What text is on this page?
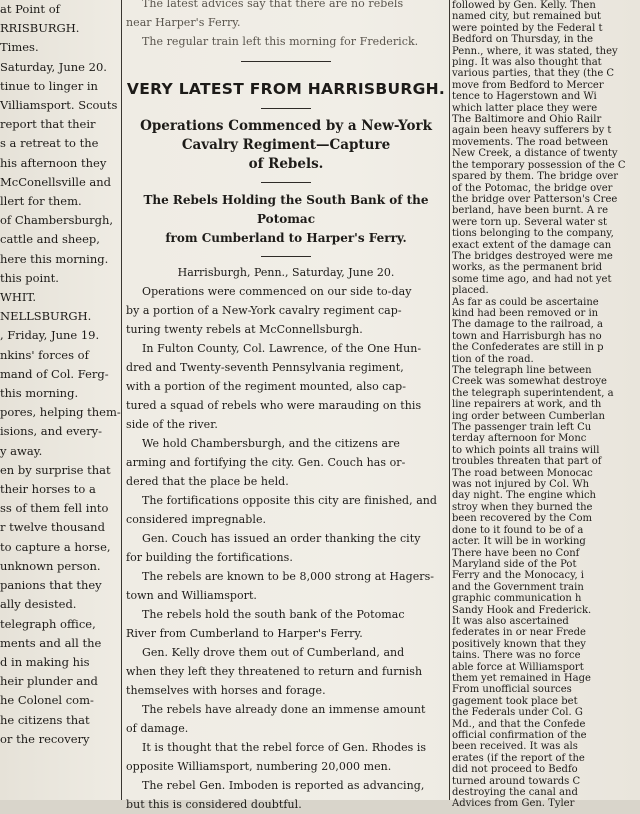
at Point of
RRISBURGH.
Times.
Saturday, June 20.
tinue to linger in
Villiamsport. Scouts
report that their
s a retreat to the
his afternoon they
McConellsville and
llert for them.
of Chambersburgh,
cattle and sheep,
here this morning.
this point.
WHIT.
NELLSBURGH.
, Friday, June 19.
nkins' forces of
mand of Col. Ferg-
this morning.
pores, helping them-
isions, and every-
y away.
en by surprise that
their horses to a
ss of them fell into
r twelve thousand
to capture a horse,
unknown person.
panions that they
ally desisted.
telegraph office,
ments and all the
d in making his
heir plunder and
he Colonel com-
he citizens that
or the recovery
The latest advices say that there are no rebels
near Harper's Ferry.
The regular train left this morning for Frederick.
VERY LATEST FROM HARRISBURGH.
Operations Commenced by a New-York
Cavalry Regiment—Capture
of Rebels.
The Rebels Holding the South Bank of the Potomac
from Cumberland to Harper's Ferry.
Harrisburgh, Penn., Saturday, June 20.
Operations were commenced on our side to-day
by a portion of a New-York cavalry regiment cap-
turing twenty rebels at McConnellsburgh.
In Fulton County, Col. Lawrence, of the One Hun-
dred and Twenty-seventh Pennsylvania regiment,
with a portion of the regiment mounted, also cap-
tured a squad of rebels who were marauding on this
side of the river.
We hold Chambersburgh, and the citizens are
arming and fortifying the city. Gen. Couch has or-
dered that the place be held.
The fortifications opposite this city are finished, and
considered impregnable.
Gen. Couch has issued an order thanking the city
for building the fortifications.
The rebels are known to be 8,000 strong at Hagers-
town and Williamsport.
The rebels hold the south bank of the Potomac
River from Cumberland to Harper's Ferry.
Gen. Kelly drove them out of Cumberland, and
when they left they threatened to return and furnish
themselves with horses and forage.
The rebels have already done an immense amount
of damage.
It is thought that the rebel force of Gen. Rhodes is
opposite Williamsport, numbering 20,000 men.
The rebel Gen. Imboden is reported as advancing,
but this is considered doubtful.
followed by Gen. Kelly. Then
named city, but remained but
were pointed by the Federal t
Bedford on Thursday, in the
Penn., where, it was stated, they
ping. It was also thought that
various parties, that they (the C
move from Bedford to Mercer
tence to Hagerstown and Wi
which latter place they were
The Baltimore and Ohio Railr
again been heavy sufferers by t
movements. The road between
New Creek, a distance of twenty
the temporary possession of the C
spared by them. The bridge over
of the Potomac, the bridge over
the bridge over Patterson's Cree
berland, have been burnt. A re
were torn up. Several water st
tions belonging to the company,
exact extent of the damage can
The bridges destroyed were me
works, as the permanent brid
some time ago, and had not yet
placed.
As far as could be ascertaine
kind had been removed or in
The damage to the railroad, a
town and Harrisburgh has no
the Confederates are still in p
tion of the road.
The telegraph line between
Creek was somewhat destroye
the telegraph superintendent, a
line repairers at work, and th
ing order between Cumberlan
The passenger train left Cu
terday afternoon for Monc
to which points all trains will
troubles threaten that part of
The road between Monocac
was not injured by Col. Wh
day night. The engine which
stroy when they burned the
been recovered by the Com
done to it found to be of a
acter. It will be in working
There have been no Conf
Maryland side of the Pot
Ferry and the Monocacy, i
and the Government train
graphic communication h
Sandy Hook and Frederick.
It was also ascertained
federates in or near Frede
positively known that they
tains. There was no force
able force at Williamsport
them yet remained in Hage
From unofficial sources
gagement took place bet
the Federals under Col. G
Md., and that the Confede
official confirmation of the
been received. It was als
erates (if the report of the
did not proceed to Bedfo
turned around towards C
destroying the canal and
Advices from Gen. Tyler
